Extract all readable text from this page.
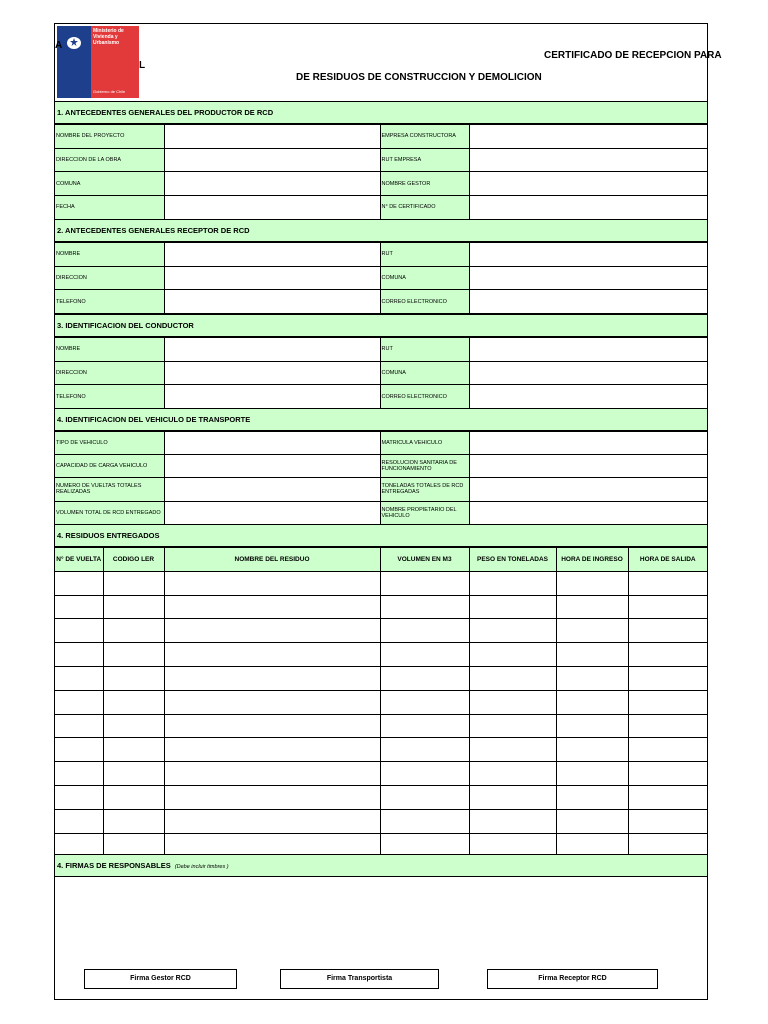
Ministerio de Vivienda y Urbanismo
Gobierno de Chile
A
L
CERTIFICADO DE RECEPCION PARA
DE RESIDUOS DE CONSTRUCCION Y DEMOLICION
1. ANTECEDENTES GENERALES DEL PRODUCTOR DE RCD
NOMBRE DEL PROYECTO		EMPRESA CONSTRUCTORA	
DIRECCION DE LA OBRA		RUT EMPRESA	
COMUNA		NOMBRE GESTOR	
FECHA		N° DE CERTIFICADO	
2. ANTECEDENTES GENERALES RECEPTOR DE RCD
NOMBRE		RUT	
DIRECCION		COMUNA	
TELEFONO		CORREO ELECTRONICO	
3. IDENTIFICACION DEL CONDUCTOR
NOMBRE		RUT	
DIRECCION		COMUNA	
TELEFONO		CORREO ELECTRONICO	
4. IDENTIFICACION DEL VEHICULO DE TRANSPORTE
TIPO DE VEHICULO		MATRICULA VEHICULO	
CAPACIDAD DE CARGA VEHICULO		RESOLUCION SANITARIA DE FUNCIONAMIENTO	
NUMERO DE VUELTAS TOTALES REALIZADAS		TONELADAS TOTALES DE RCD ENTREGADAS	
VOLUMEN TOTAL DE RCD ENTREGADO		NOMBRE PROPIETARIO DEL VEHICULO	
4. RESIDUOS ENTREGADOS
N° DE VUELTA	CODIGO LER	NOMBRE DEL RESIDUO	VOLUMEN EN M3	PESO EN TONELADAS	HORA DE INGRESO	HORA DE SALIDA

4. FIRMAS DE RESPONSABLES (Debe incluir timbres )
Firma Gestor RCD	Firma Transportista	Firma Receptor RCD
